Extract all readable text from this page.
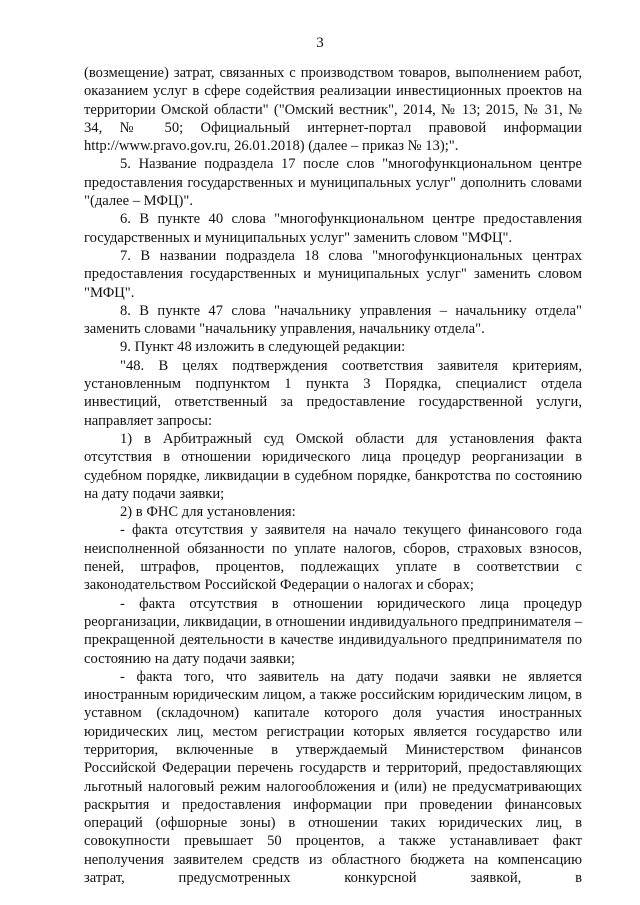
3

(возмещение) затрат, связанных с производством товаров, выполнением работ, оказанием услуг в сфере содействия реализации инвестиционных проектов на территории Омской области" ("Омский вестник", 2014, № 13; 2015, № 31, № 34, № 50; Официальный интернет-портал правовой информации http://www.pravo.gov.ru, 26.01.2018) (далее – приказ № 13);".

5. Название подраздела 17 после слов "многофункциональном центре предоставления государственных и муниципальных услуг" дополнить словами "(далее – МФЦ)".

6. В пункте 40 слова "многофункциональном центре предоставления государственных и муниципальных услуг" заменить словом "МФЦ".

7. В названии подраздела 18 слова "многофункциональных центрах предоставления государственных и муниципальных услуг" заменить словом "МФЦ".

8. В пункте 47 слова "начальнику управления – начальнику отдела" заменить словами "начальнику управления, начальнику отдела".

9. Пункт 48 изложить в следующей редакции:

"48. В целях подтверждения соответствия заявителя критериям, установленным подпунктом 1 пункта 3 Порядка, специалист отдела инвестиций, ответственный за предоставление государственной услуги, направляет запросы:

1) в Арбитражный суд Омской области для установления факта отсутствия в отношении юридического лица процедур реорганизации в судебном порядке, ликвидации в судебном порядке, банкротства по состоянию на дату подачи заявки;

2) в ФНС для установления:

- факта отсутствия у заявителя на начало текущего финансового года неисполненной обязанности по уплате налогов, сборов, страховых взносов, пеней, штрафов, процентов, подлежащих уплате в соответствии с законодательством Российской Федерации о налогах и сборах;

- факта отсутствия в отношении юридического лица процедур реорганизации, ликвидации, в отношении индивидуального предпринимателя – прекращенной деятельности в качестве индивидуального предпринимателя по состоянию на дату подачи заявки;

- факта того, что заявитель на дату подачи заявки не является иностранным юридическим лицом, а также российским юридическим лицом, в уставном (складочном) капитале которого доля участия иностранных юридических лиц, местом регистрации которых является государство или территория, включенные в утверждаемый Министерством финансов Российской Федерации перечень государств и территорий, предоставляющих льготный налоговый режим налогообложения и (или) не предусматривающих раскрытия и предоставления информации при проведении финансовых операций (офшорные зоны) в отношении таких юридических лиц, в совокупности превышает 50 процентов, а также устанавливает факт неполучения заявителем средств из областного бюджета на компенсацию затрат, предусмотренных конкурсной заявкой, в
